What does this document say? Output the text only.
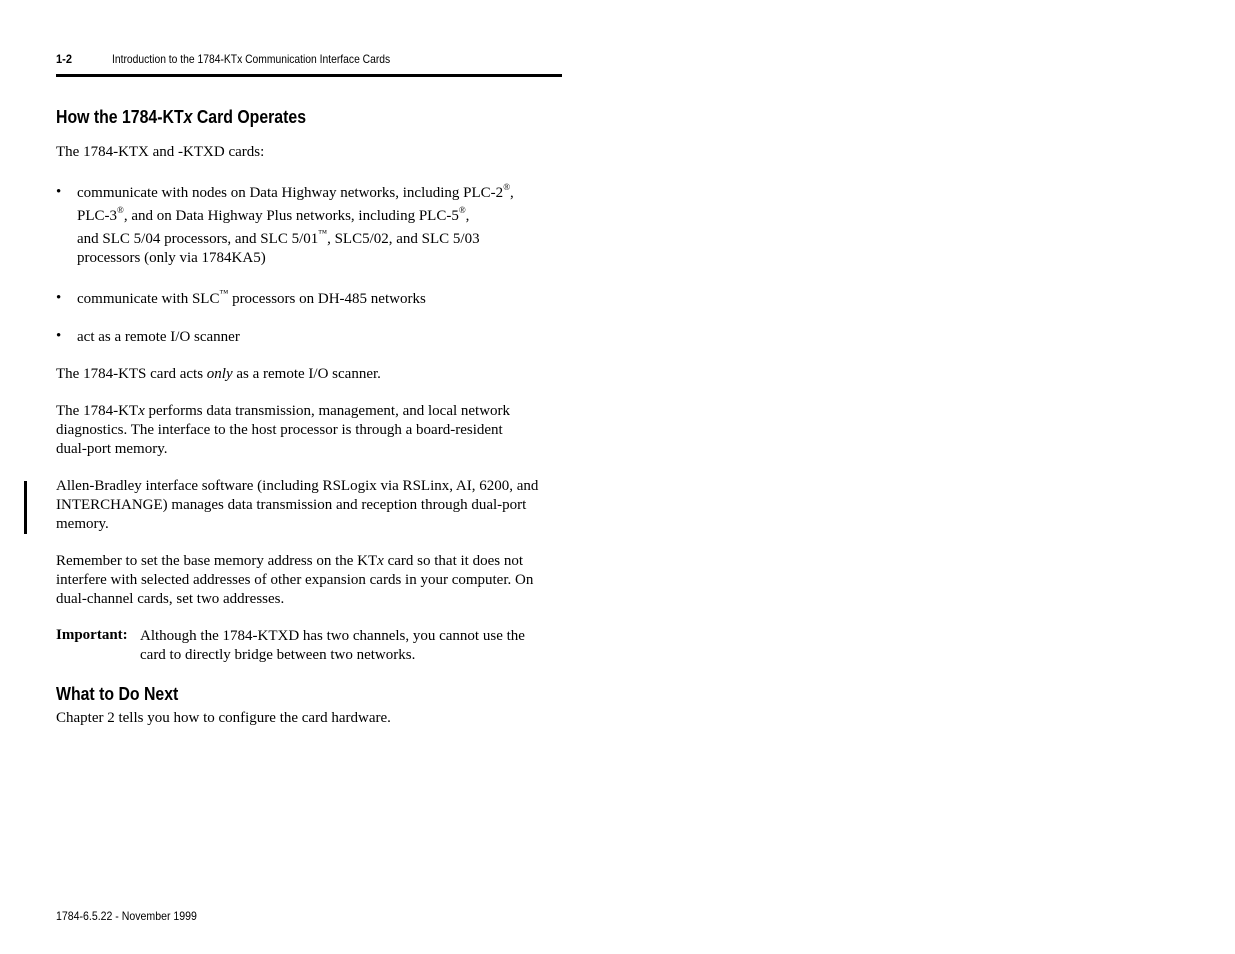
1-2	Introduction to the 1784-KTx Communication Interface Cards
How the 1784-KTx Card Operates
The 1784-KTX and -KTXD cards:
• communicate with nodes on Data Highway networks, including PLC-2®,
PLC-3®, and on Data Highway Plus networks, including PLC-5®,
and SLC 5/04 processors, and SLC 5/01™, SLC5/02, and SLC 5/03
processors (only via 1784KA5)
• communicate with SLC™ processors on DH-485 networks
• act as a remote I/O scanner
The 1784-KTS card acts only as a remote I/O scanner.
The 1784-KTx performs data transmission, management, and local network
diagnostics. The interface to the host processor is through a board-resident
dual-port memory.
Allen-Bradley interface software (including RSLogix via RSLinx, AI, 6200, and
INTERCHANGE) manages data transmission and reception through dual-port
memory.
Remember to set the base memory address on the KTx card so that it does not
interfere with selected addresses of other expansion cards in your computer. On
dual-channel cards, set two addresses.
Important: Although the 1784-KTXD has two channels, you cannot use the
card to directly bridge between two networks.
What to Do Next
Chapter 2 tells you how to configure the card hardware.
1784-6.5.22 - November 1999
